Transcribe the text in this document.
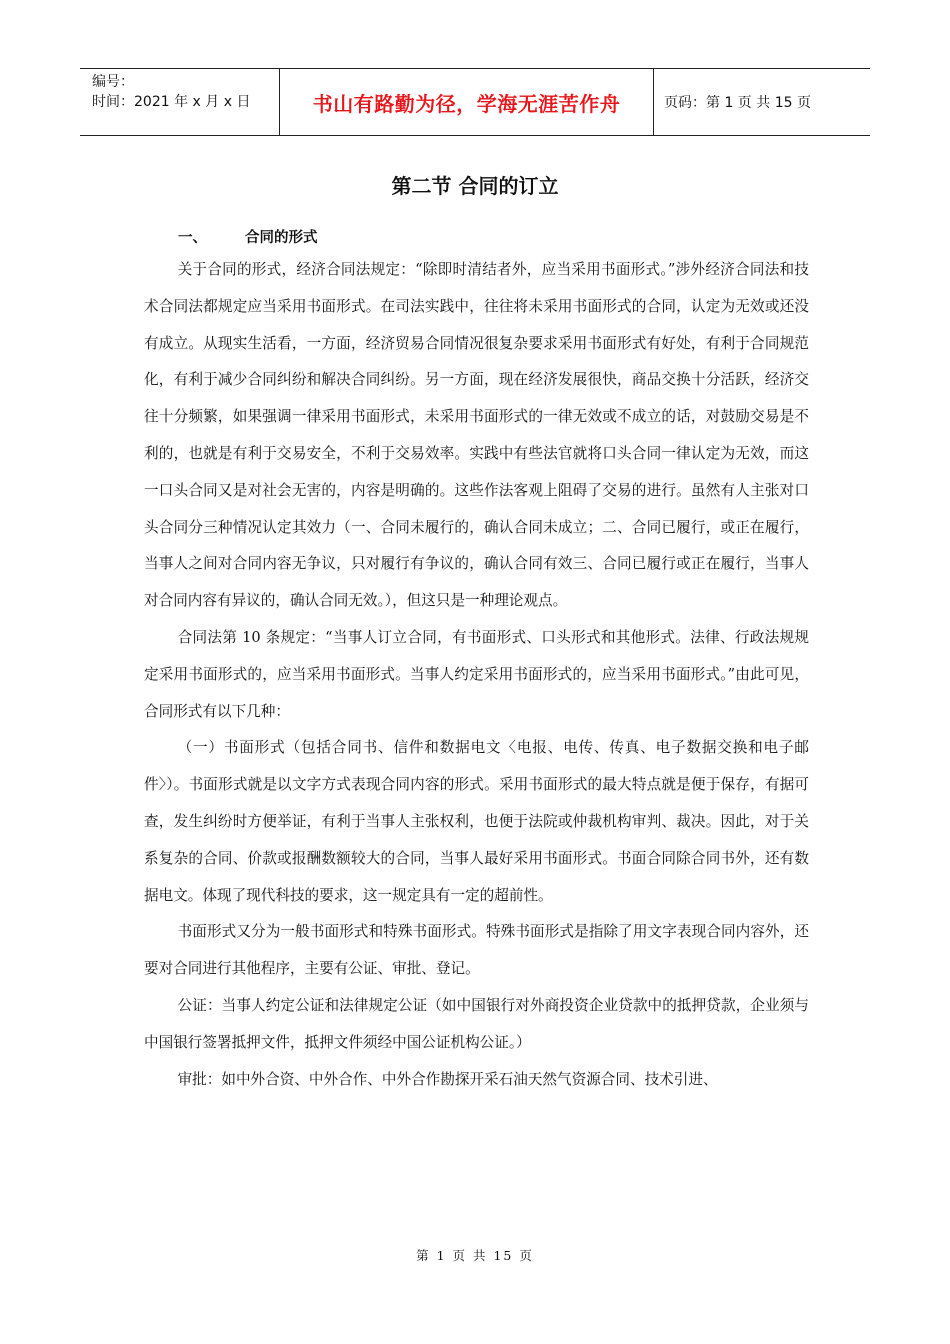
编号：
时间：2021 年 x 月 x 日	书山有路勤为径，学海无涯苦作舟	页码：第 1 页 共 15 页
第二节 合同的订立
一、	合同的形式

关于合同的形式，经济合同法规定：“除即时清结者外，应当采用书面形式。”涉外经济合同法和技术合同法都规定应当采用书面形式。在司法实践中，往往将未采用书面形式的合同，认定为无效或还没有成立。从现实生活看，一方面，经济贸易合同情况很复杂要求采用书面形式有好处，有利于合同规范化，有利于减少合同纠纷和解决合同纠纷。另一方面，现在经济发展很快，商品交换十分活跃，经济交往十分频繁，如果强调一律采用书面形式，未采用书面形式的一律无效或不成立的话，对鼓励交易是不利的，也就是有利于交易安全，不利于交易效率。实践中有些法官就将口头合同一律认定为无效，而这一口头合同又是对社会无害的，内容是明确的。这些作法客观上阻碍了交易的进行。虽然有人主张对口头合同分三种情况认定其效力（一、合同未履行的，确认合同未成立；二、合同已履行，或正在履行，当事人之间对合同内容无争议，只对履行有争议的，确认合同有效三、合同已履行或正在履行，当事人对合同内容有异议的，确认合同无效。），但这只是一种理论观点。

合同法第 10 条规定：“当事人订立合同，有书面形式、口头形式和其他形式。法律、行政法规规定采用书面形式的，应当采用书面形式。当事人约定采用书面形式的，应当采用书面形式。”由此可见，合同形式有以下几种：

（一）书面形式（包括合同书、信件和数据电文〈电报、电传、传真、电子数据交换和电子邮件〉）。书面形式就是以文字方式表现合同内容的形式。采用书面形式的最大特点就是便于保存，有据可查，发生纠纷时方便举证，有利于当事人主张权利，也便于法院或仲裁机构审判、裁决。因此，对于关系复杂的合同、价款或报酬数额较大的合同，当事人最好采用书面形式。书面合同除合同书外，还有数据电文。体现了现代科技的要求，这一规定具有一定的超前性。

书面形式又分为一般书面形式和特殊书面形式。特殊书面形式是指除了用文字表现合同内容外，还要对合同进行其他程序，主要有公证、审批、登记。

公证：当事人约定公证和法律规定公证（如中国银行对外商投资企业贷款中的抵押贷款，企业须与中国银行签署抵押文件，抵押文件须经中国公证机构公证。）

审批：如中外合资、中外合作、中外合作勘探开采石油天然气资源合同、技术引进、

第 1 页 共 15 页
